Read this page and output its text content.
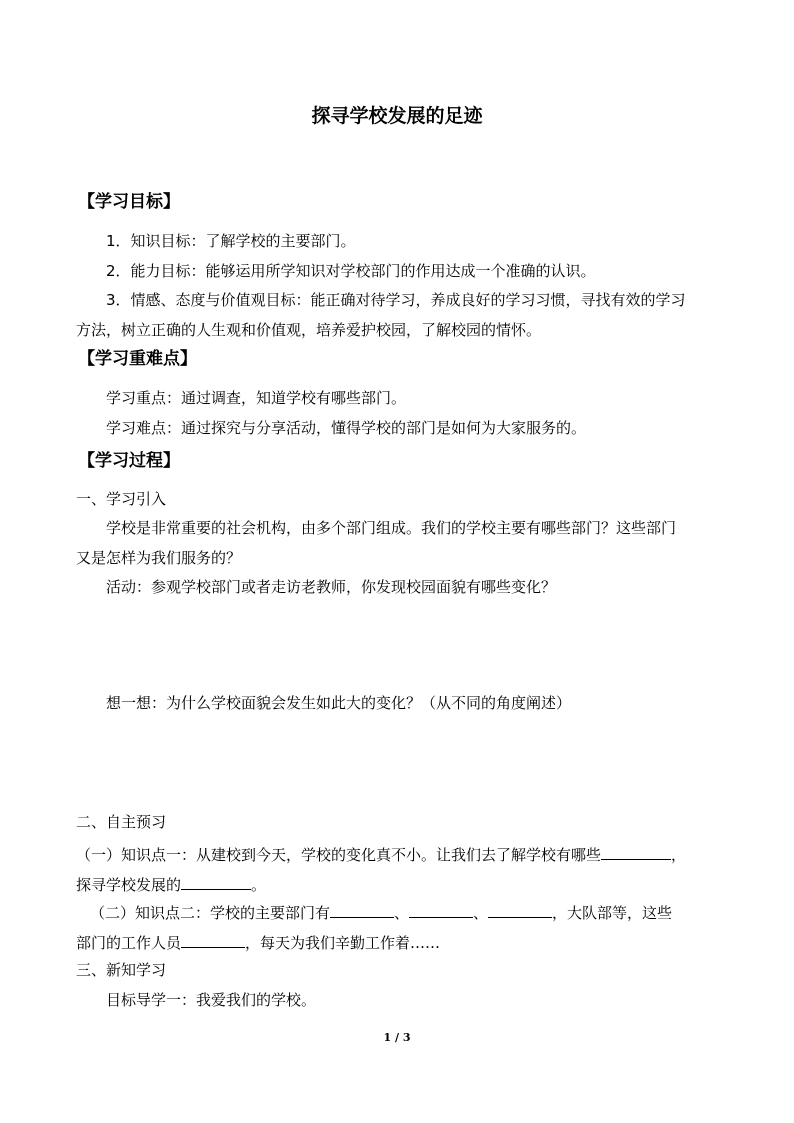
探寻学校发展的足迹
【学习目标】
1．知识目标：了解学校的主要部门。
2．能力目标：能够运用所学知识对学校部门的作用达成一个准确的认识。
3．情感、态度与价值观目标：能正确对待学习，养成良好的学习习惯，寻找有效的学习
方法，树立正确的人生观和价值观，培养爱护校园，了解校园的情怀。
【学习重难点】
学习重点：通过调查，知道学校有哪些部门。
学习难点：通过探究与分享活动，懂得学校的部门是如何为大家服务的。
【学习过程】
一、学习引入
学校是非常重要的社会机构，由多个部门组成。我们的学校主要有哪些部门？这些部门
又是怎样为我们服务的？
活动：参观学校部门或者走访老教师，你发现校园面貌有哪些变化？
想一想：为什么学校面貌会发生如此大的变化？（从不同的角度阐述）
二、自主预习
（一）知识点一：从建校到今天，学校的变化真不小。让我们去了解学校有哪些	，
探寻学校发展的	。
（二）知识点二：学校的主要部门有	、	、	，大队部等，这些
部门的工作人员	，每天为我们辛勤工作着……
三、新知学习
目标导学一：我爱我们的学校。
1 / 3
